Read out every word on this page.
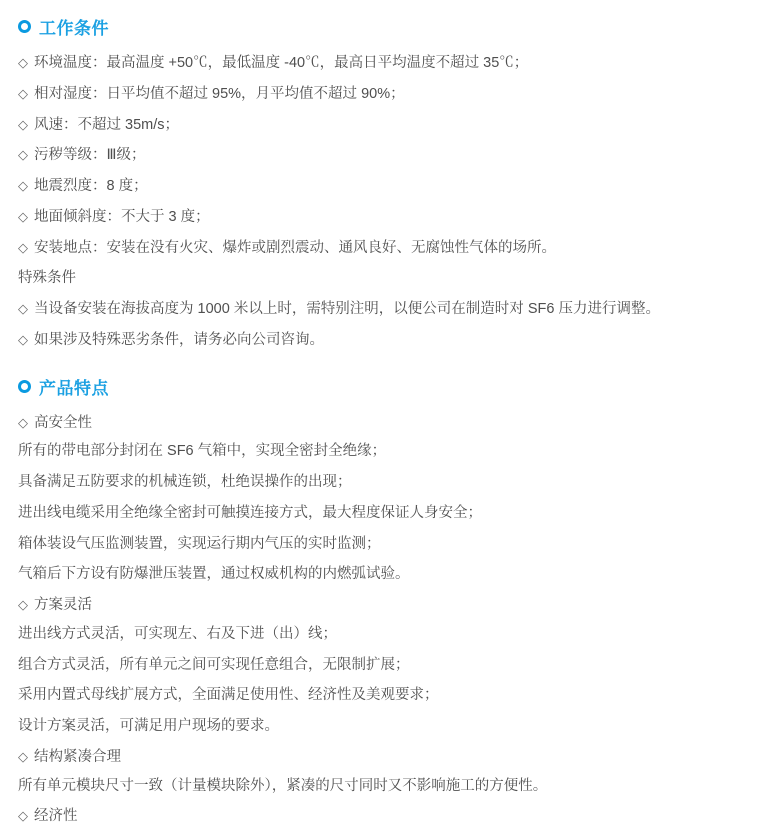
工作条件
◇ 环境温度：最高温度 +50℃，最低温度 -40℃，最高日平均温度不超过 35℃；
◇ 相对湿度：日平均值不超过 95%，月平均值不超过 90%；
◇ 风速：不超过 35m/s；
◇ 污秽等级：Ⅲ级；
◇ 地震烈度：8 度；
◇ 地面倾斜度：不大于 3 度；
◇ 安装地点：安装在没有火灾、爆炸或剧烈震动、通风良好、无腐蚀性气体的场所。
特殊条件
◇ 当设备安装在海拔高度为 1000 米以上时，需特别注明，以便公司在制造时对 SF6 压力进行调整。
◇ 如果涉及特殊恶劣条件，请务必向公司咨询。
产品特点
◇ 高安全性
所有的带电部分封闭在 SF6 气箱中，实现全密封全绝缘；
具备满足五防要求的机械连锁，杜绝误操作的出现；
进出线电缆采用全绝缘全密封可触摸连接方式，最大程度保证人身安全；
箱体装设气压监测装置，实现运行期内气压的实时监测；
气箱后下方设有防爆泄压装置，通过权威机构的内燃弧试验。
◇ 方案灵活
进出线方式灵活，可实现左、右及下进（出）线；
组合方式灵活，所有单元之间可实现任意组合，无限制扩展；
采用内置式母线扩展方式，全面满足使用性、经济性及美观要求；
设计方案灵活，可满足用户现场的要求。
◇ 结构紧凑合理
所有单元模块尺寸一致（计量模块除外），紧凑的尺寸同时又不影响施工的方便性。
◇ 经济性
